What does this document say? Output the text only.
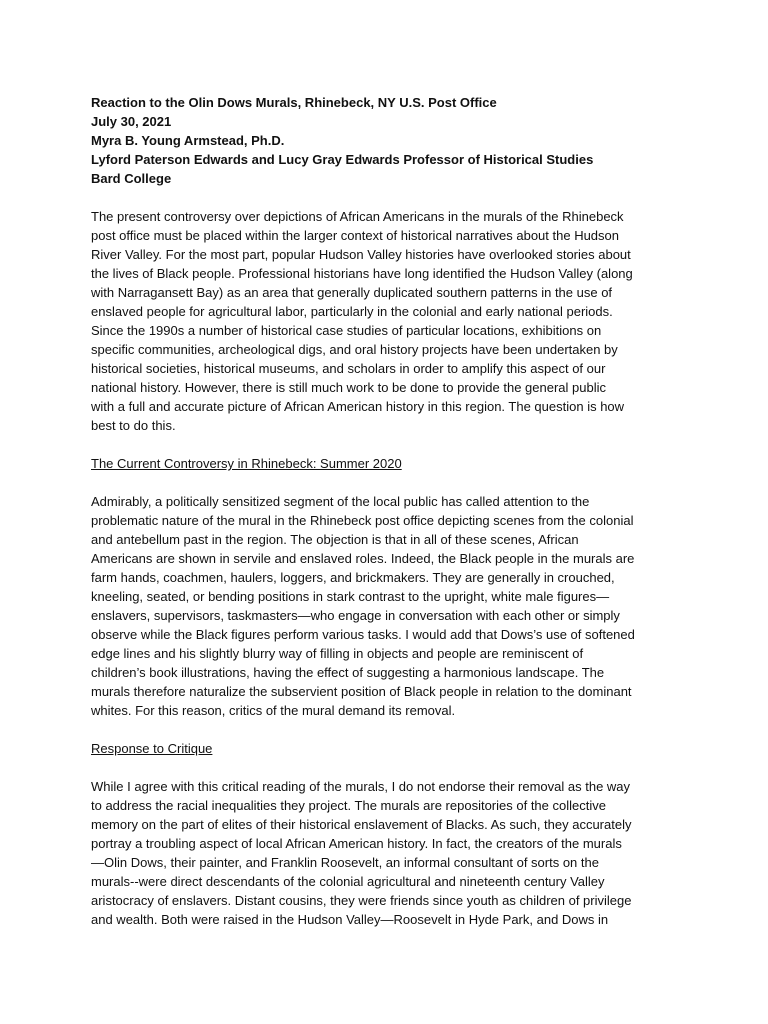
Reaction to the Olin Dows Murals, Rhinebeck, NY U.S. Post Office
July 30, 2021
Myra B. Young Armstead, Ph.D.
Lyford Paterson Edwards and Lucy Gray Edwards Professor of Historical Studies
Bard College
The present controversy over depictions of African Americans in the murals of the Rhinebeck
post office must be placed within the larger context of historical narratives about the Hudson
River Valley. For the most part, popular Hudson Valley histories have overlooked stories about
the lives of Black people. Professional historians have long identified the Hudson Valley (along
with Narragansett Bay) as an area that generally duplicated southern patterns in the use of
enslaved people for agricultural labor, particularly in the colonial and early national periods.
Since the 1990s a number of historical case studies of particular locations, exhibitions on
specific communities, archeological digs, and oral history projects have been undertaken by
historical societies, historical museums, and scholars in order to amplify this aspect of our
national history. However, there is still much work to be done to provide the general public
with a full and accurate picture of African American history in this region. The question is how
best to do this.
The Current Controversy in Rhinebeck: Summer 2020
Admirably, a politically sensitized segment of the local public has called attention to the
problematic nature of the mural in the Rhinebeck post office depicting scenes from the colonial
and antebellum past in the region. The objection is that in all of these scenes, African
Americans are shown in servile and enslaved roles. Indeed, the Black people in the murals are
farm hands, coachmen, haulers, loggers, and brickmakers. They are generally in crouched,
kneeling, seated, or bending positions in stark contrast to the upright, white male figures—
enslavers, supervisors, taskmasters—who engage in conversation with each other or simply
observe while the Black figures perform various tasks. I would add that Dows’s use of softened
edge lines and his slightly blurry way of filling in objects and people are reminiscent of
children’s book illustrations, having the effect of suggesting a harmonious landscape. The
murals therefore naturalize the subservient position of Black people in relation to the dominant
whites. For this reason, critics of the mural demand its removal.
Response to Critique
While I agree with this critical reading of the murals, I do not endorse their removal as the way
to address the racial inequalities they project. The murals are repositories of the collective
memory on the part of elites of their historical enslavement of Blacks. As such, they accurately
portray a troubling aspect of local African American history. In fact, the creators of the murals
—Olin Dows, their painter, and Franklin Roosevelt, an informal consultant of sorts on the
murals--were direct descendants of the colonial agricultural and nineteenth century Valley
aristocracy of enslavers. Distant cousins, they were friends since youth as children of privilege
and wealth. Both were raised in the Hudson Valley—Roosevelt in Hyde Park, and Dows in
